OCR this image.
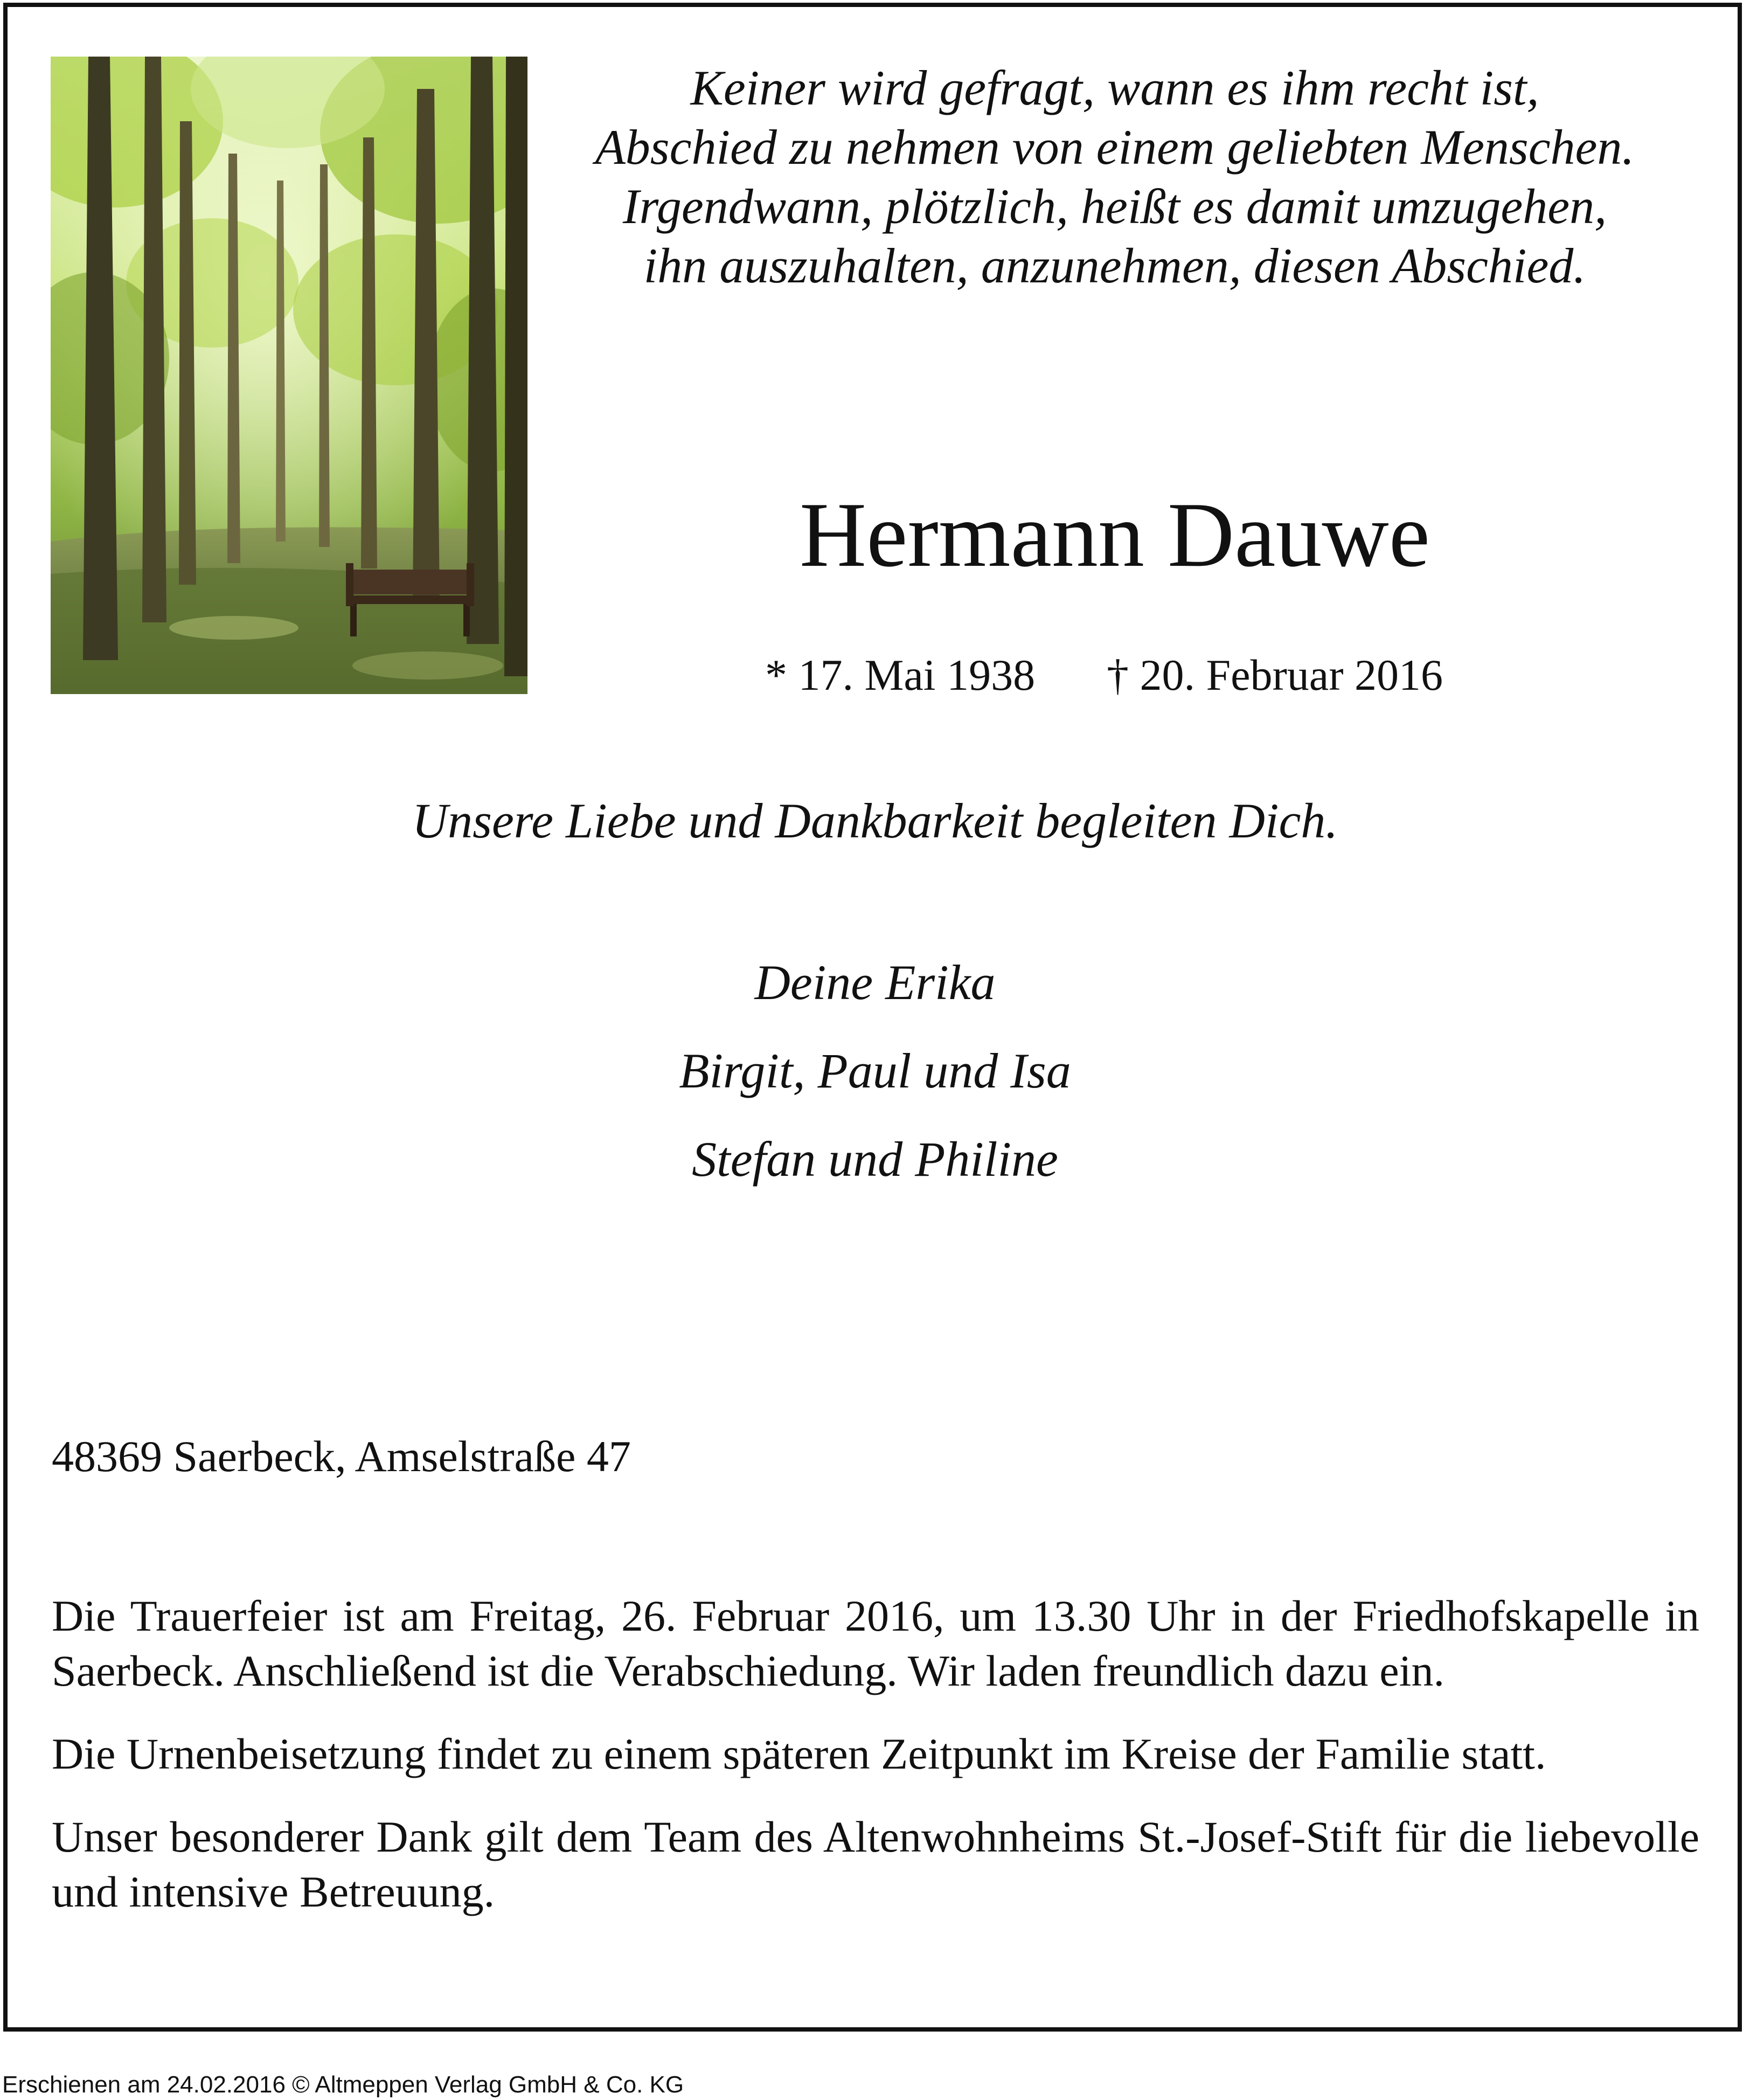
Keiner wird gefragt, wann es ihm recht ist,
Abschied zu nehmen von einem geliebten Menschen.
Irgendwann, plötzlich, heißt es damit umzugehen,
ihn auszuhalten, anzunehmen, diesen Abschied.
Hermann Dauwe
* 17. Mai 1938 † 20. Februar 2016
Unsere Liebe und Dankbarkeit begleiten Dich.
Deine Erika
Birgit, Paul und Isa
Stefan und Philine
48369 Saerbeck, Amselstraße 47

Die Trauerfeier ist am Freitag, 26. Februar 2016, um 13.30 Uhr in der Friedhofskapelle in Saerbeck. Anschließend ist die Verabschiedung. Wir laden freundlich dazu ein.

Die Urnenbeisetzung findet zu einem späteren Zeitpunkt im Kreise der Familie statt.

Unser besonderer Dank gilt dem Team des Altenwohnheims St.-Josef-Stift für die liebevolle und intensive Betreuung.

Erschienen am 24.02.2016 © Altmeppen Verlag GmbH & Co. KG
